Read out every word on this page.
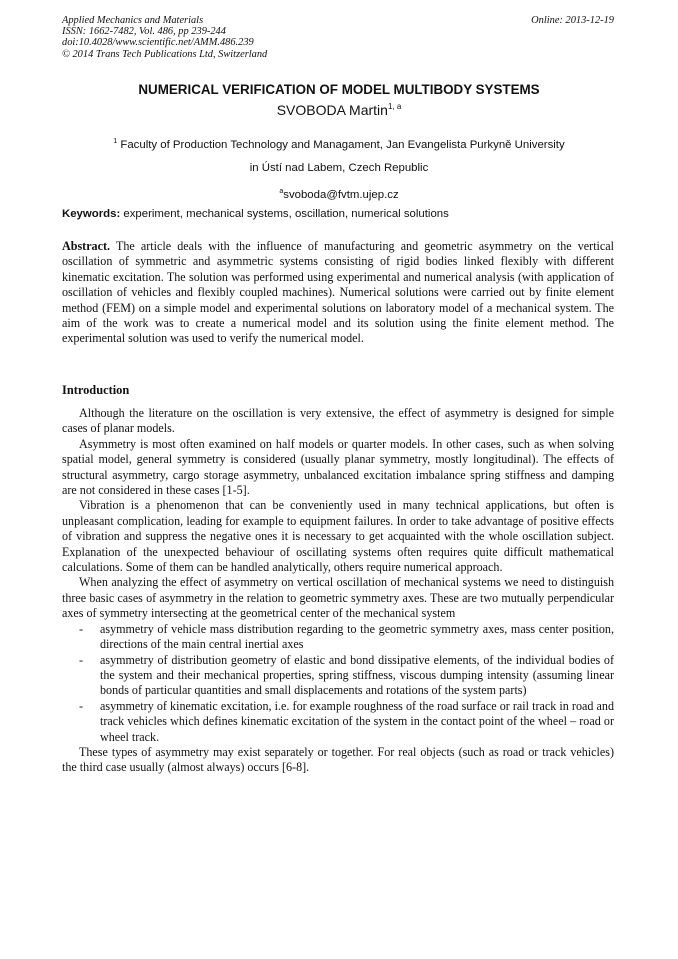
Applied Mechanics and Materials
ISSN: 1662-7482, Vol. 486, pp 239-244
doi:10.4028/www.scientific.net/AMM.486.239
© 2014 Trans Tech Publications Ltd, Switzerland
Online: 2013-12-19
NUMERICAL VERIFICATION OF MODEL MULTIBODY SYSTEMS
SVOBODA Martin$^{1, a}$
$^1$ Faculty of Production Technology and Managament, Jan Evangelista Purkyně University
in Ústí nad Labem, Czech Republic
$^a$svoboda@fvtm.ujep.cz
Keywords: experiment, mechanical systems, oscillation, numerical solutions
Abstract. The article deals with the influence of manufacturing and geometric asymmetry on the vertical oscillation of symmetric and asymmetric systems consisting of rigid bodies linked flexibly with different kinematic excitation. The solution was performed using experimental and numerical analysis (with application of oscillation of vehicles and flexibly coupled machines). Numerical solutions were carried out by finite element method (FEM) on a simple model and experimental solutions on laboratory model of a mechanical system. The aim of the work was to create a numerical model and its solution using the finite element method. The experimental solution was used to verify the numerical model.
Introduction

Although the literature on the oscillation is very extensive, the effect of asymmetry is designed for simple cases of planar models.

Asymmetry is most often examined on half models or quarter models. In other cases, such as when solving spatial model, general symmetry is considered (usually planar symmetry, mostly longitudinal). The effects of structural asymmetry, cargo storage asymmetry, unbalanced excitation imbalance spring stiffness and damping are not considered in these cases [1-5].

Vibration is a phenomenon that can be conveniently used in many technical applications, but often is unpleasant complication, leading for example to equipment failures. In order to take advantage of positive effects of vibration and suppress the negative ones it is necessary to get acquainted with the whole oscillation subject. Explanation of the unexpected behaviour of oscillating systems often requires quite difficult mathematical calculations. Some of them can be handled analytically, others require numerical approach.

When analyzing the effect of asymmetry on vertical oscillation of mechanical systems we need to distinguish three basic cases of asymmetry in the relation to geometric symmetry axes. These are two mutually perpendicular axes of symmetry intersecting at the geometrical center of the mechanical system

- asymmetry of vehicle mass distribution regarding to the geometric symmetry axes, mass center position, directions of the main central inertial axes
- asymmetry of distribution geometry of elastic and bond dissipative elements, of the individual bodies of the system and their mechanical properties, spring stiffness, viscous dumping intensity (assuming linear bonds of particular quantities and small displacements and rotations of the system parts)
- asymmetry of kinematic excitation, i.e. for example roughness of the road surface or rail track in road and track vehicles which defines kinematic excitation of the system in the contact point of the wheel – road or wheel track.

These types of asymmetry may exist separately or together. For real objects (such as road or track vehicles) the third case usually (almost always) occurs [6-8].
